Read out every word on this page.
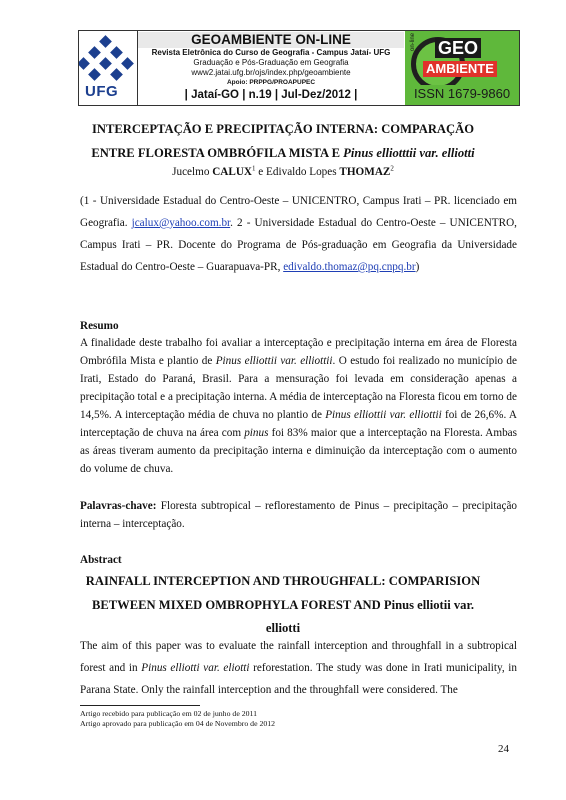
UFG
GEOAMBIENTE ON-LINE
Revista Eletrônica do Curso de Geografia - Campus Jataí- UFG
Graduação e Pós-Graduação em Geografia
www2.jatai.ufg.br/ojs/index.php/geoambiente
Apoio: PRPPG/PROAPUPEC
| Jataí-GO | n.19 | Jul-Dez/2012 |
on-line GEO
AMBIENTE
ISSN 1679-9860
INTERCEPTAÇÃO E PRECIPITAÇÃO INTERNA: COMPARAÇÃO
ENTRE FLORESTA OMBRÓFILA MISTA E Pinus elliotttii var. elliotti
Jucelmo CALUX$^1$ e Edivaldo Lopes THOMAZ$^2$
(1 - Universidade Estadual do Centro-Oeste – UNICENTRO, Campus Irati – PR. licenciado em Geografia. jcalux@yahoo.com.br. 2 - Universidade Estadual do Centro-Oeste – UNICENTRO, Campus Irati – PR. Docente do Programa de Pós-graduação em Geografia da Universidade Estadual do Centro-Oeste – Guarapuava-PR, edivaldo.thomaz@pq.cnpq.br)
Resumo
A finalidade deste trabalho foi avaliar a interceptação e precipitação interna em área de Floresta Ombrófila Mista e plantio de Pinus elliottii var. elliottii. O estudo foi realizado no município de Irati, Estado do Paraná, Brasil. Para a mensuração foi levada em consideração apenas a precipitação total e a precipitação interna. A média de interceptação na Floresta ficou em torno de 14,5%. A interceptação média de chuva no plantio de Pinus elliottii var. elliottii foi de 26,6%. A interceptação de chuva na área com pinus foi 83% maior que a interceptação na Floresta. Ambas as áreas tiveram aumento da precipitação interna e diminuição da interceptação com o aumento do volume de chuva.
Palavras-chave: Floresta subtropical – reflorestamento de Pinus – precipitação – precipitação interna – interceptação.
Abstract
RAINFALL INTERCEPTION AND THROUGHFALL: COMPARISION
BETWEEN MIXED OMBROPHYLA FOREST AND Pinus elliotii var.
elliotti
The aim of this paper was to evaluate the rainfall interception and throughfall in a subtropical forest and in Pinus elliotti var. eliotti reforestation. The study was done in Irati municipality, in Parana State. Only the rainfall interception and the throughfall were considered. The
Artigo recebido para publicação em 02 de junho de 2011
Artigo aprovado para publicação em 04 de Novembro de 2012
24
